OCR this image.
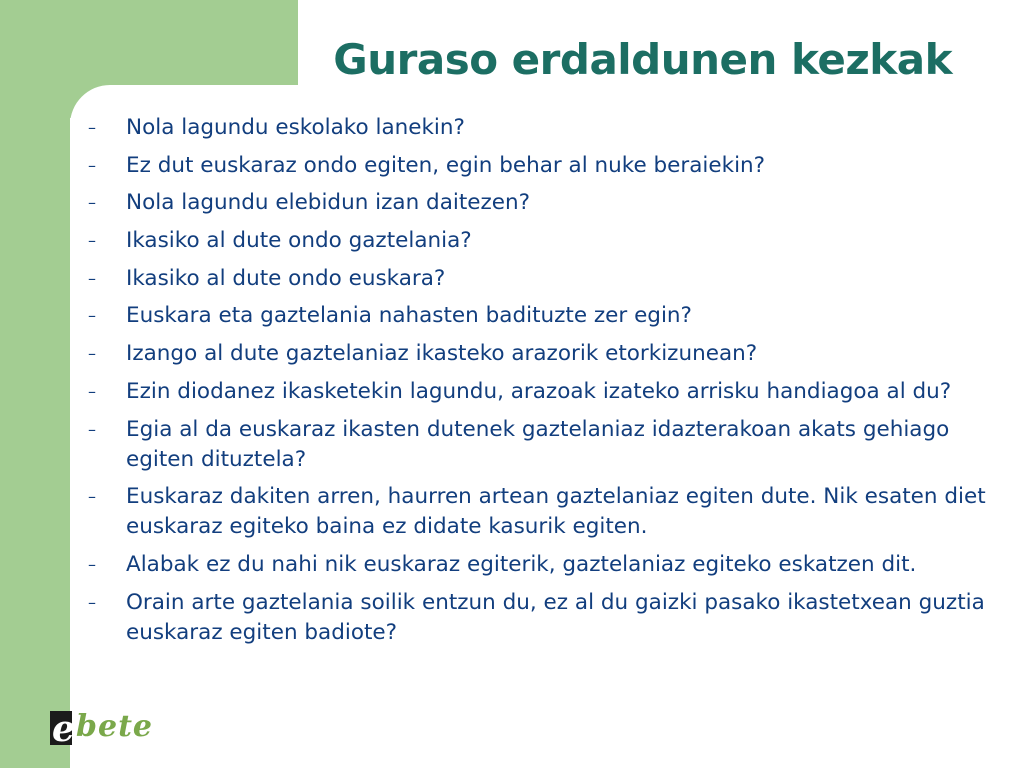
Guraso erdaldunen kezkak
– Nola lagundu eskolako lanekin?
– Ez dut euskaraz ondo egiten, egin behar al nuke beraiekin?
– Nola lagundu elebidun izan daitezen?
– Ikasiko al dute ondo gaztelania?
– Ikasiko al dute ondo euskara?
– Euskara eta gaztelania nahasten badituzte zer egin?
– Izango al dute gaztelaniaz ikasteko arazorik etorkizunean?
– Ezin diodanez ikasketekin lagundu, arazoak izateko arrisku handiagoa al du?
– Egia al da euskaraz ikasten dutenek gaztelaniaz idazterakoan akats gehiago egiten dituztela?
– Euskaraz dakiten arren, haurren artean gaztelaniaz egiten dute. Nik esaten diet euskaraz egiteko baina ez didate kasurik egiten.
– Alabak ez du nahi nik euskaraz egiterik, gaztelaniaz egiteko eskatzen dit.
– Orain arte gaztelania soilik entzun du, ez al du gaizki pasako ikastetxean guztia euskaraz egiten badiote?
e bete
